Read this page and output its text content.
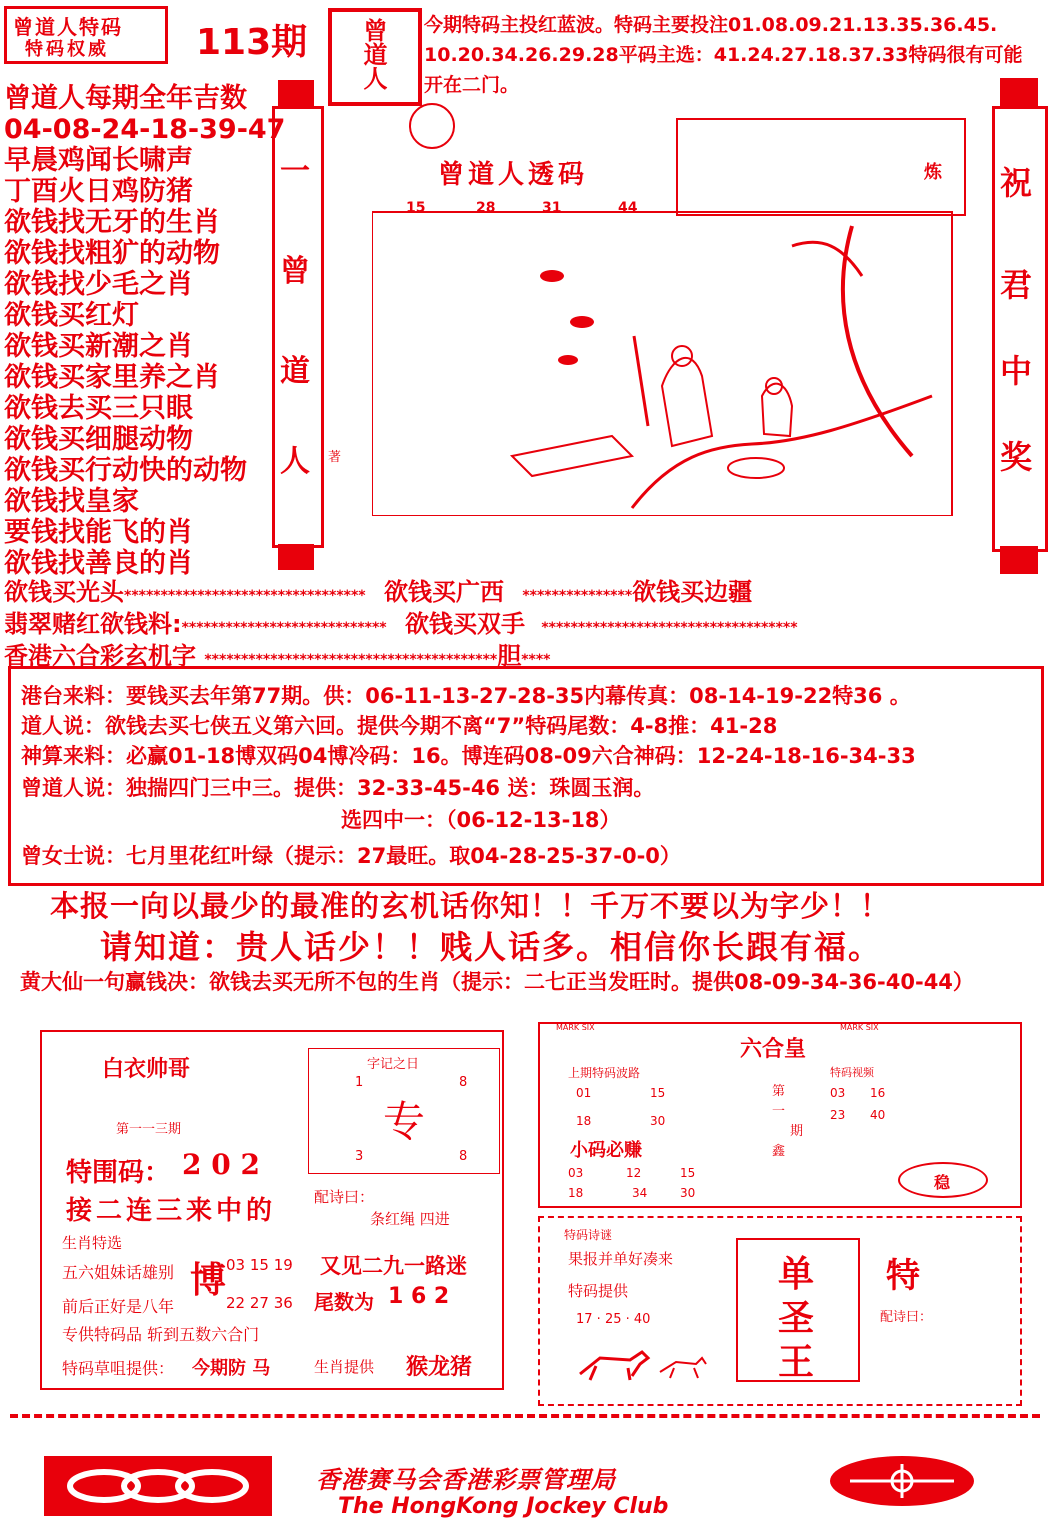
曾道人特码
特码权威 113期 曾道人 今期特码主投红蓝波。特码主要投注01.08.09.21.13.35.36.45.
10.20.34.26.29.28平码主选：41.24.27.18.37.33特码很有可能
开在二门。
曾道人每期全年吉数
04-08-24-18-39-47
早晨鸡闻长啸声
丁酉火日鸡防猪
欲钱找无牙的生肖
欲钱找粗犷的动物
欲钱找少毛之肖
欲钱买红灯
欲钱买新潮之肖
欲钱买家里养之肖
欲钱去买三只眼
欲钱买细腿动物
欲钱买行动快的动物
欲钱找皇家
要钱找能飞的肖
欲钱找善良的肖
一
曾
道
人 著
曾道人透码
15	28	31	44
炼 祝
君
中
奖
欲钱买光头********************************* 欲钱买广西 ***************欲钱买边疆
翡翠赌红欲钱料:**************************** 欲钱买双手 ***********************************
香港六合彩玄机字 ****************************************胆****
港台来料：要钱买去年第77期。供：06-11-13-27-28-35内幕传真：08-14-19-22特36 。
道人说：欲钱去买七侠五义第六回。提供今期不离“7”特码尾数：4-8推：41-28
神算来料：必赢01-18博双码04博冷码：16。博连码08-09六合神码：12-24-18-16-34-33
曾道人说：独揣四门三中三。提供：32-33-45-46 送：珠圆玉润。
选四中一：（06-12-13-18）
曾女士说：七月里花红叶绿（提示：27最旺。取04-28-25-37-0-0）
本报一向以最少的最准的玄机话你知！！千万不要以为字少！！
请知道：贵人话少！！贱人话多。相信你长跟有福。
黄大仙一句赢钱决：欲钱去买无所不包的生肖（提示：二七正当发旺时。提供08-09-34-36-40-44）
白衣帅哥
第一一三期
特围码： 2 0 2
接二连三来中的
生肖特选
五六姐妹话雄别
前后正好是八年
专供特码品 斩到五数六合门
博 03 15 19
22 27 36
特码草咀提供： 今期防 马
字记之日
专
1	8
3	8
配诗曰：
条红绳 四进
又见二九一路迷
尾数为 1 6 2
生肖提供 猴龙猪
MARK SIX	MARK SIX
六合皇
上期特码波路
01	15
18	30
第
一
期
鑫
特码视频
03 16
23 40
小码必赚
03	12	15
18	34	30
稳
特码诗谜
果报并单好凑来
特码提供
17 · 25 · 40
单
圣
王
特
配诗曰：
香港赛马会香港彩票管理局
The HongKong Jockey Club
